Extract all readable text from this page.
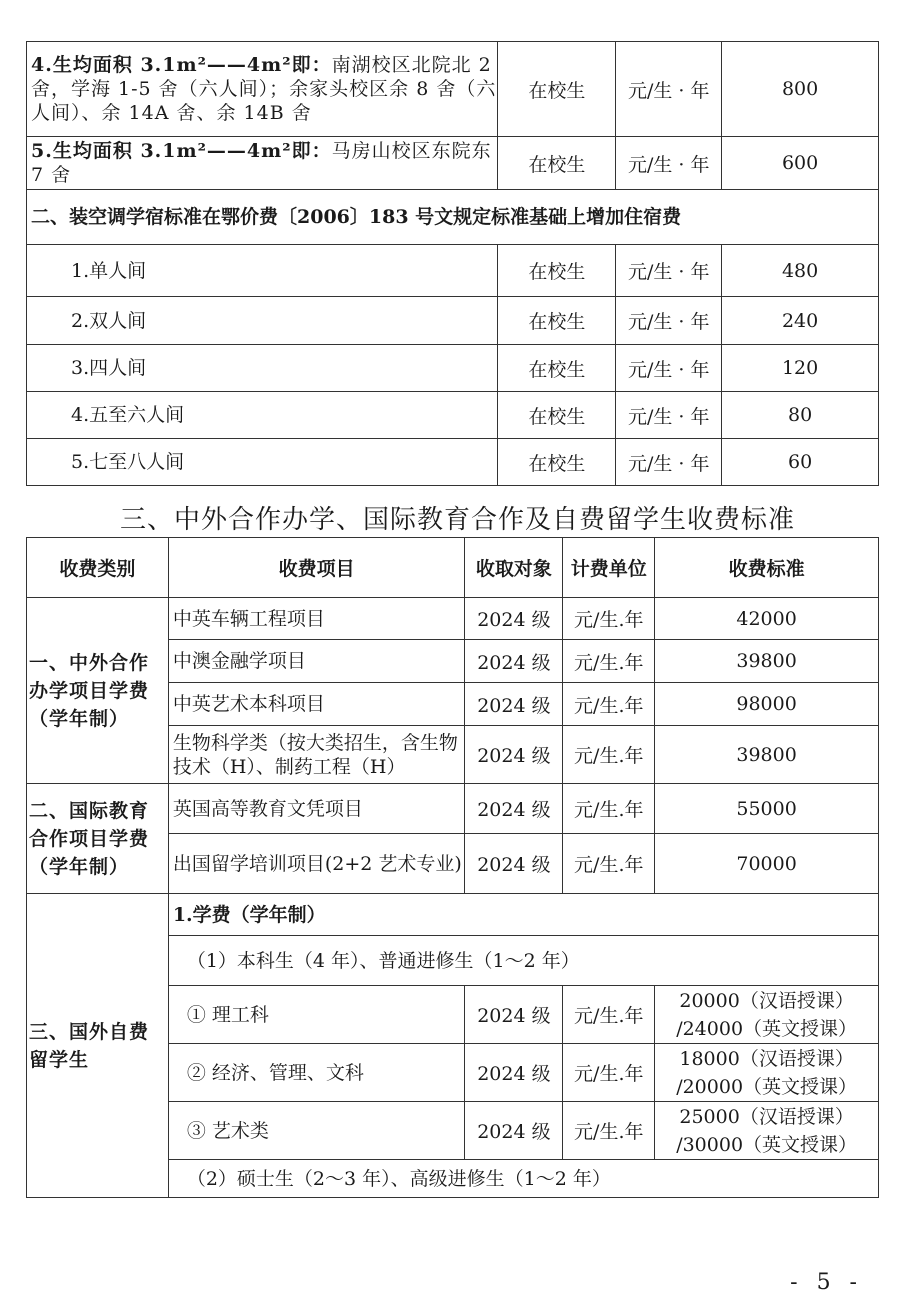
4.生均面积 3.1m²——4m²即：南湖校区北院北 2 舍，学海 1-5 舍（六人间）；余家头校区余 8 舍（六人间）、余 14A 舍、余 14B 舍	在校生	元/生 · 年	800
5.生均面积 3.1m²——4m²即：马房山校区东院东 7 舍	在校生	元/生 · 年	600
二、装空调学宿标准在鄂价费〔2006〕183 号文规定标准基础上增加住宿费			
1.单人间	在校生	元/生 · 年	480
2.双人间	在校生	元/生 · 年	240
3.四人间	在校生	元/生 · 年	120
4.五至六人间	在校生	元/生 · 年	80
5.七至八人间	在校生	元/生 · 年	60
三、中外合作办学、国际教育合作及自费留学生收费标准
收费类别	收费项目	收取对象	计费单位	收费标准
一、中外合作办学项目学费（学年制）	中英车辆工程项目	2024 级	元/生.年	42000
	中澳金融学项目	2024 级	元/生.年	39800
	中英艺术本科项目	2024 级	元/生.年	98000
	生物科学类（按大类招生，含生物技术（H）、制药工程（H）	2024 级	元/生.年	39800
二、国际教育合作项目学费（学年制）	英国高等教育文凭项目	2024 级	元/生.年	55000
	出国留学培训项目(2+2 艺术专业)	2024 级	元/生.年	70000
三、国外自费留学生	1.学费（学年制）			
	（1）本科生（4 年）、普通进修生（1～2 年）			
	① 理工科	2024 级	元/生.年	20000（汉语授课）
/24000（英文授课）

	② 经济、管理、文科	2024 级	元/生.年	18000（汉语授课）
/20000（英文授课）

	③ 艺术类	2024 级	元/生.年	25000（汉语授课）
/30000（英文授课）

	（2）硕士生（2～3 年）、高级进修生（1～2 年）			
- 5 -
